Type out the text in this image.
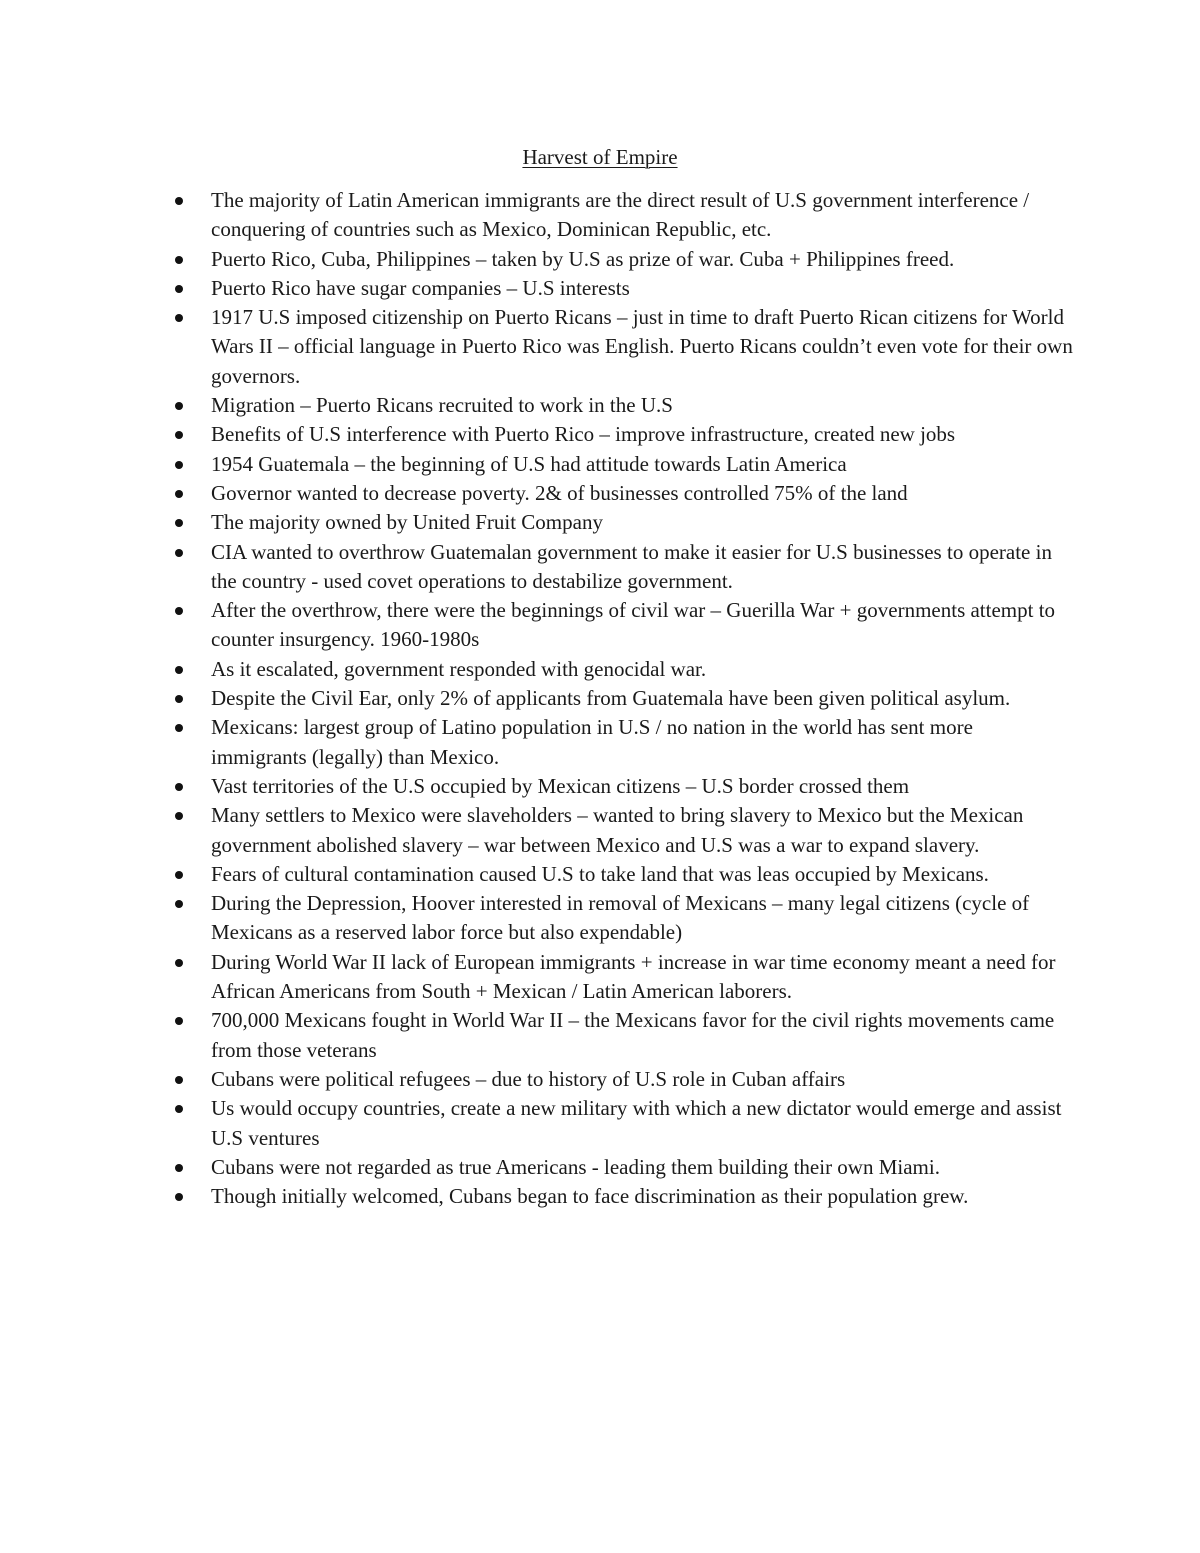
Harvest of Empire
The majority of Latin American immigrants are the direct result of U.S government interference / conquering of countries such as Mexico, Dominican Republic, etc.
Puerto Rico, Cuba, Philippines – taken by U.S as prize of war. Cuba + Philippines freed.
Puerto Rico have sugar companies – U.S interests
1917 U.S imposed citizenship on Puerto Ricans – just in time to draft Puerto Rican citizens for World Wars II – official language in Puerto Rico was English. Puerto Ricans couldn’t even vote for their own governors.
Migration – Puerto Ricans recruited to work in the U.S
Benefits of U.S interference with Puerto Rico – improve infrastructure, created new jobs
1954 Guatemala – the beginning of U.S had attitude towards Latin America
Governor wanted to decrease poverty. 2& of businesses controlled 75% of the land
The majority owned by United Fruit Company
CIA wanted to overthrow Guatemalan government to make it easier for U.S businesses to operate in the country - used covet operations to destabilize government.
After the overthrow, there were the beginnings of civil war – Guerilla War + governments attempt to counter insurgency. 1960-1980s
As it escalated, government responded with genocidal war.
Despite the Civil Ear, only 2% of applicants from Guatemala have been given political asylum.
Mexicans: largest group of Latino population in U.S / no nation in the world has sent more immigrants (legally) than Mexico.
Vast territories of the U.S occupied by Mexican citizens – U.S border crossed them
Many settlers to Mexico were slaveholders – wanted to bring slavery to Mexico but the Mexican government abolished slavery – war between Mexico and U.S was a war to expand slavery.
Fears of cultural contamination caused U.S to take land that was leas occupied by Mexicans.
During the Depression, Hoover interested in removal of Mexicans – many legal citizens (cycle of Mexicans as a reserved labor force but also expendable)
During World War II lack of European immigrants + increase in war time economy meant a need for African Americans from South + Mexican / Latin American laborers.
700,000 Mexicans fought in World War II – the Mexicans favor for the civil rights movements came from those veterans
Cubans were political refugees – due to history of U.S role in Cuban affairs
Us would occupy countries, create a new military with which a new dictator would emerge and assist U.S ventures
Cubans were not regarded as true Americans - leading them building their own Miami.
Though initially welcomed, Cubans began to face discrimination as their population grew.
